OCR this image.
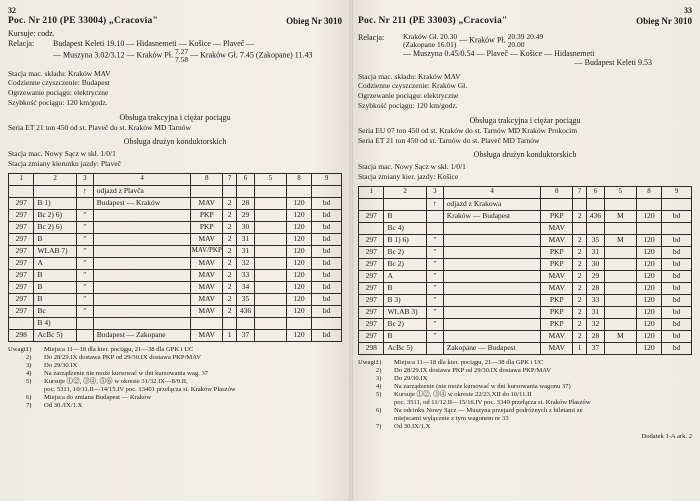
32
Poc. Nr 210 (PE 33004) „Cracovia"	Obieg Nr 3010
Kursuje: codz.
Relacja:	Budapest Keleti 19.10 — Hidasnemeti — Košice — Plaveč —
— Muszyna 3.02/3.12 — Kraków Pł. 7.27
7.58 — Kraków Gł. 7.45 (Zakopane) 11.43
Stacja mac. składu: Kraków MAV
Codzienne czyszczenie: Budapest
Ogrzewanie pociągu: elektryczne
Szybkość pociągu: 120 km/godz.
Obsługa trakcyjna i ciężar pociągu
Seria ET 21 ton 450 od st. Plaveč do st. Kraków MD Tarnów
Obsługa drużyn konduktorskich
Stacja mac. Nowy Sącz w skł. 1/0/1
Stacja zmiany kierunku jazdy: Plaveč
1	2	3	4	8	7	6	5	8	9
		↑	odjazd z Plavča						
297	B 1)		Budapest — Kraków	MAV	2	28		120	bd
297	Bc 2) 6)	"		PKP	2	29		120	bd
297	Bc 2) 6)	"		PKP	2	30		120	bd
297	B	"		MAV	2	31		120	bd
297	WLAB 7)	"		MAV/PKP	2	31		120	bd
297	A	"		MAV	2	32		120	bd
297	B	"		MAV	2	33		120	bd
297	B	"		MAV	2	34		120	bd
297	B	"		MAV	2	35		120	bd
297	Bc	"		MAV	2	436		120	bd
	B 4)								
298	AcBc 5)		Budapest — Zakopane	MAV	1	37		120	bd
Uwagi:
1)	Miejsca 11—18 dla kier. pociągu, 21—38 dla GPK i UC
2)	Do 28/29.IX dostawa PKP od 29/30.IX dostawa PKP/MAV
3)	Do 29/30.IX
4)	Na zarządzenie nie może kursować w dni kursowania wag. 37
5)	Kursuje ⓵⓶, ⓷⓸, ⓹⓺ w okresie 31/32.IX—8/9.II,
poc. 5311, 10/11.II—14/15.IV poc. 13401 przełącza st. Kraków Płaszów
6)	Miejsca do zmiana Budapest — Kraków
7)	Od 30./IX/1.X
33
Poc. Nr 211 (PE 33003) „Cracovia"	Obieg Nr 3010
Relacja:	Kraków Gł. 20.30
(Zakopane 16.01) — Kraków Pł. 20.39 20.49
20.00
— Muszyna 0.45/0.54 — Plaveč — Košice — Hidasnemeti
— Budapest Keleti 9.53
Stacja mac. składu: Kraków MAV
Codzienne czyszczenie: Kraków Gł.
Ogrzewanie pociągu: elektryczne
Szybkość pociągu: 120 km/godz.
Obsługa trakcyjna i ciężar pociągu
Seria EU 07 ton 450 od st. Kraków do st. Tarnów MD Kraków Prokocim
Seria ET 21 ton 450 od st. Tarnów do st. Plaveč MD Tarnów
Obsługa drużyn konduktorskich
Stacja mac. Nowy Sącz w skł. 1/0/1
Stacja zmiany kier. jazdy: Košice
1	2	3	4	8	7	6	5	8	9
		↑	odjazd z Krakowa						
297	B		Kraków — Budapest	PKP	2	436	M	120	bd
	Bc 4)			MAV					
297	B 1) 6)	"		MAV	2	35	M	120	bd
297	Bc 2)	"		PKP	2	31		120	bd
297	Bc 2)	"		PKP	2	30		120	bd
297	A	"		MAV	2	29		120	bd
297	B	"		MAV	2	28		120	bd
297	B 3)	"		PKP	2	33		120	bd
297	WLAB 3)	"		PKP	2	31		120	bd
297	Bc 2)	"		PKP	2	32		120	bd
297	B	"		MAV	2	28	M	120	bd
298	AcBc 5)		Zakopane — Budapest	MAV	1	37		120	bd
Uwagi:
1)	Miejsca 11—18 dla kier. pociągu, 21—38 dla GPK i UC
2)	Do 28/29.IX dostawa PKP od 29/30.IX dostawa PKP/MAV
3)	Do 29/30.IX
4)	Na zarządzenie (nie może kursować w dni kursowania wagonu 37)
5)	Kursuje ⓵⓶, ⓷⓸ w okresie 22/23.XII do 10/11.II
poc. 3511, od 11/12.II—15/16.IV poc. 3349 przełącza st. Kraków Płaszów
6)	Na odcinku Nowy Sącz — Muszyna przejazd podróżnych z biletami ze
miejscami wyłącznie z tym wagonem nr 33
7)	Od 30.IX/1.X
Dodatek 1-A ark. 2
